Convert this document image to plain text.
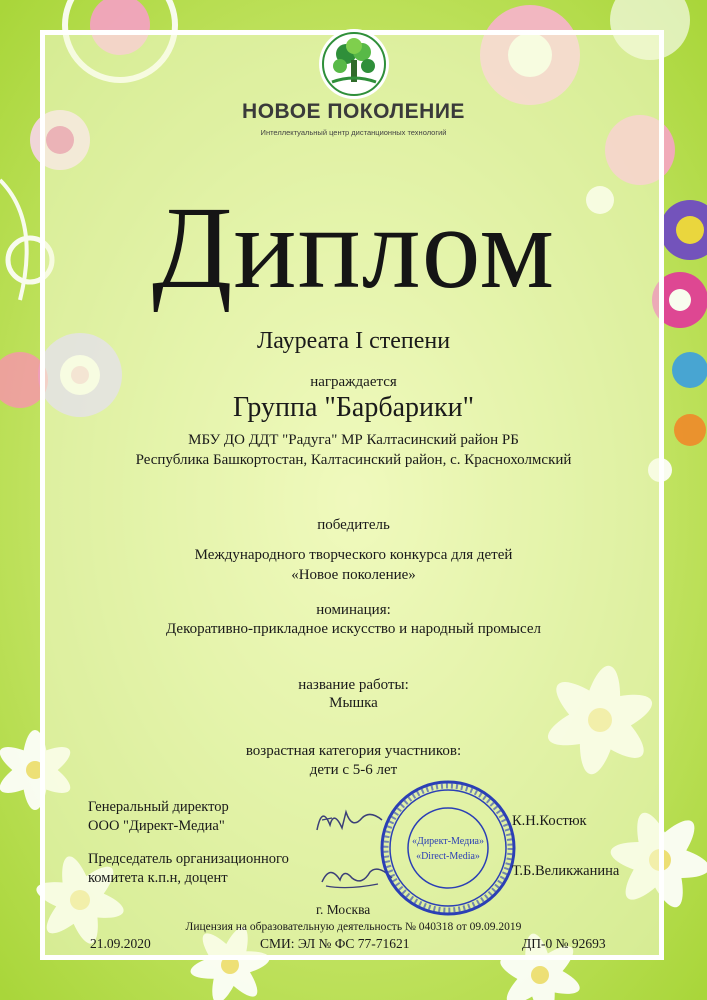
НОВОЕ ПОКОЛЕНИЕ
Интеллектуальный центр дистанционных технологий
Диплом
Лауреата I степени
награждается
Группа "Барбарики"
МБУ ДО ДДТ "Радуга" МР Калтасинский район РБ
Республика Башкортостан, Калтасинский район, с. Краснохолмский
победитель
Международного творческого конкурса для детей
«Новое поколение»
номинация:
Декоративно-прикладное искусство и народный промысел
название работы:
Мышка
возрастная категория участников:
дети с 5-6 лет
Генеральный директор
ООО "Директ-Медиа"
Председатель организационного
комитета к.п.н, доцент
«Директ-Медиа»
«Direct-Media»
К.Н.Костюк
Т.Б.Великжанина
г. Москва
Лицензия на образовательную деятельность № 040318 от 09.09.2019
21.09.2020	СМИ: ЭЛ № ФС 77-71621	ДП-0 № 92693
